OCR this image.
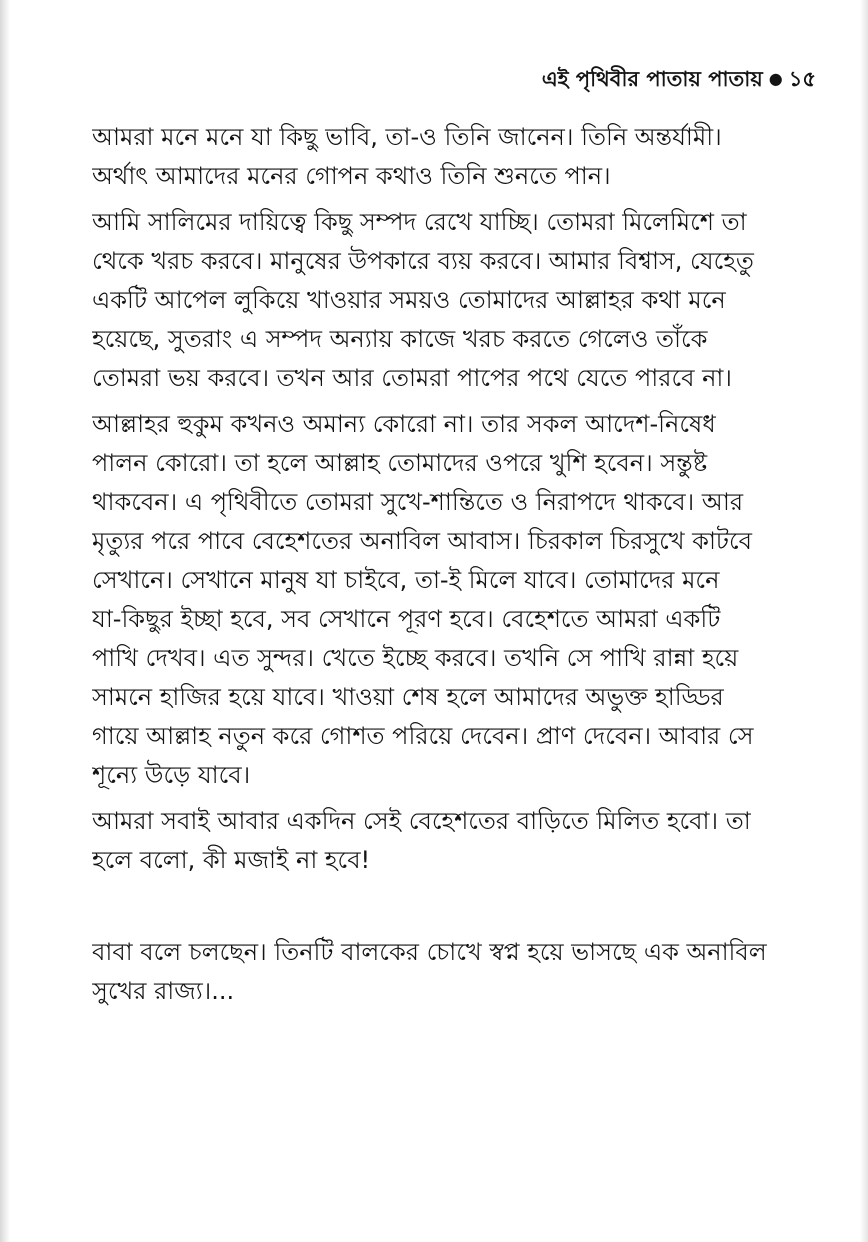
এই পৃথিবীর পাতায় পাতায় ● ১৫

আমরা মনে মনে যা কিছু ভাবি, তা-ও তিনি জানেন। তিনি অন্তর্যামী।
অর্থাৎ আমাদের মনের গোপন কথাও তিনি শুনতে পান।

আমি সালিমের দায়িত্বে কিছু সম্পদ রেখে যাচ্ছি। তোমরা মিলেমিশে তা
থেকে খরচ করবে। মানুষের উপকারে ব্যয় করবে। আমার বিশ্বাস, যেহেতু
একটি আপেল লুকিয়ে খাওয়ার সময়ও তোমাদের আল্লাহর কথা মনে
হয়েছে, সুতরাং এ সম্পদ অন্যায় কাজে খরচ করতে গেলেও তাঁকে
তোমরা ভয় করবে। তখন আর তোমরা পাপের পথে যেতে পারবে না।

আল্লাহর হুকুম কখনও অমান্য কোরো না। তার সকল আদেশ-নিষেধ
পালন কোরো। তা হলে আল্লাহ তোমাদের ওপরে খুশি হবেন। সন্তুষ্ট
থাকবেন। এ পৃথিবীতে তোমরা সুখে-শান্তিতে ও নিরাপদে থাকবে। আর
মৃত্যুর পরে পাবে বেহেশতের অনাবিল আবাস। চিরকাল চিরসুখে কাটবে
সেখানে। সেখানে মানুষ যা চাইবে, তা-ই মিলে যাবে। তোমাদের মনে
যা-কিছুর ইচ্ছা হবে, সব সেখানে পূরণ হবে। বেহেশতে আমরা একটি
পাখি দেখব। এত সুন্দর। খেতে ইচ্ছে করবে। তখনি সে পাখি রান্না হয়ে
সামনে হাজির হয়ে যাবে। খাওয়া শেষ হলে আমাদের অভুক্ত হাড্ডির
গায়ে আল্লাহ নতুন করে গোশত পরিয়ে দেবেন। প্রাণ দেবেন। আবার সে
শূন্যে উড়ে যাবে।

আমরা সবাই আবার একদিন সেই বেহেশতের বাড়িতে মিলিত হবো। তা
হলে বলো, কী মজাই না হবে!

বাবা বলে চলছেন। তিনটি বালকের চোখে স্বপ্ন হয়ে ভাসছে এক অনাবিল
সুখের রাজ্য।...
